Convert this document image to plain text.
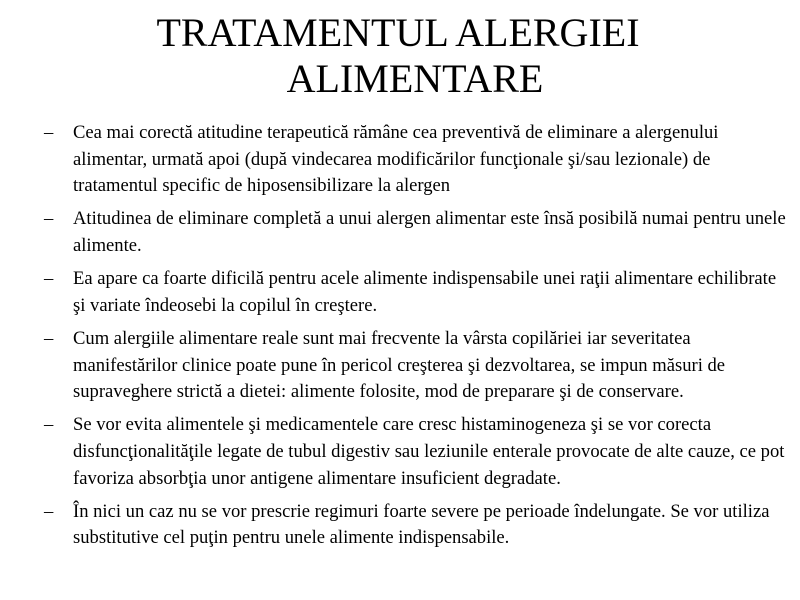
TRATAMENTUL ALERGIEI
ALIMENTARE
–	Cea mai corectă atitudine terapeutică rămâne cea preventivă de eliminare a alergenului alimentar, urmată apoi (după vindecarea modificărilor funcţionale şi/sau lezionale) de tratamentul specific de hiposensibilizare la alergen
–	Atitudinea de eliminare completă a unui alergen alimentar este însă posibilă numai pentru unele alimente.
–	Ea apare ca foarte dificilă pentru acele alimente indispensabile unei raţii alimentare echilibrate şi variate îndeosebi la copilul în creştere.
–	Cum alergiile alimentare reale sunt mai frecvente la vârsta copilăriei iar severitatea manifestărilor clinice poate pune în pericol creşterea şi dezvoltarea, se impun măsuri de supraveghere strictă a dietei: alimente folosite, mod de preparare şi de conservare.
–	Se vor evita alimentele şi medicamentele care cresc histaminogeneza şi se vor corecta disfuncţionalităţile legate de tubul digestiv sau leziunile enterale provocate de alte cauze, ce pot favoriza absorbţia unor antigene alimentare insuficient degradate.
–	În nici un caz nu se vor prescrie regimuri foarte severe pe perioade îndelungate. Se vor utiliza substitutive cel puţin pentru unele alimente indispensabile.
